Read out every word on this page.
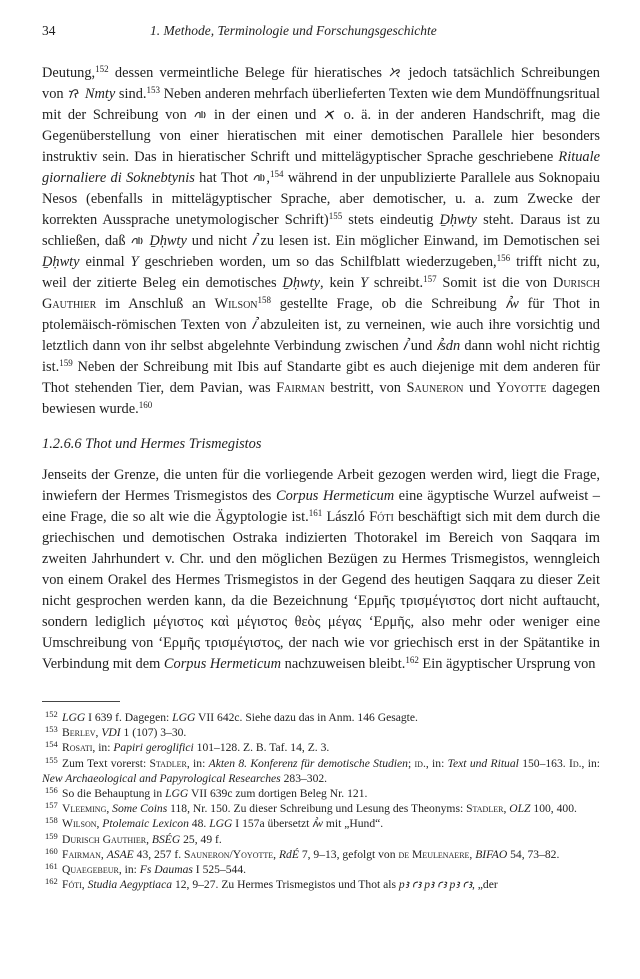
34	1. Methode, Terminologie und Forschungsgeschichte

Deutung,$^{152}$ dessen vermeintliche Belege für hieratisches
jedoch tatsächlich Schreibungen von
Nmty sind.$^{153}$ Neben anderen mehrfach überlieferten Texten wie dem Mundöffnungsritual mit der Schreibung von
in der einen und
o. ä. in der anderen Handschrift, mag die Gegenüberstellung von einer hieratischen mit einer demotischen Parallele hier besonders instruktiv sein. Das in hieratischer Schrift und mittelägyptischer Sprache geschriebene Rituale giornaliere di Soknebtynis hat Thot
,$^{154}$ während in der unpublizierte Parallele aus Soknopaiu Nesos (ebenfalls in mittelägyptischer Sprache, aber demotischer, u. a. zum Zwecke der korrekten Aussprache unetymologischer Schrift)$^{155}$ stets eindeutig Ḏḥwty steht. Daraus ist zu schließen, daß
Ḏḥwty und nicht ꞽ zu lesen ist. Ein möglicher Einwand, im Demotischen sei Ḏḥwty einmal Y geschrieben worden, um so das Schilfblatt wiederzugeben,$^{156}$ trifft nicht zu, weil der zitierte Beleg ein demotisches Ḏḥwty, kein Y schreibt.$^{157}$ Somit ist die von Durisch Gauthier im Anschluß an Wilson$^{158}$ gestellte Frage, ob die Schreibung ꞽw für Thot in ptolemäisch-römischen Texten von ꞽ abzuleiten ist, zu verneinen, wie auch ihre vorsichtig und letztlich dann von ihr selbst abgelehnte Verbindung zwischen ꞽ und ꞽsdn dann wohl nicht richtig ist.$^{159}$ Neben der Schreibung mit Ibis auf Standarte gibt es auch diejenige mit dem anderen für Thot stehenden Tier, dem Pavian, was Fairman bestritt, von Sauneron und Yoyotte dagegen bewiesen wurde.$^{160}$

1.2.6.6 Thot und Hermes Trismegistos

Jenseits der Grenze, die unten für die vorliegende Arbeit gezogen werden wird, liegt die Frage, inwiefern der Hermes Trismegistos des Corpus Hermeticum eine ägyptische Wurzel aufweist – eine Frage, die so alt wie die Ägyptologie ist.$^{161}$ László Fóti beschäftigt sich mit dem durch die griechischen und demotischen Ostraka indizierten Thotorakel im Bereich von Saqqara im zweiten Jahrhundert v. Chr. und den möglichen Bezügen zu Hermes Trismegistos, wenngleich von einem Orakel des Hermes Trismegistos in der Gegend des heutigen Saqqara zu dieser Zeit nicht gesprochen werden kann, da die Bezeichnung ‘Ερμῆς τρισμέγιστος dort nicht auftaucht, sondern lediglich μέγιστος καὶ μέγιστος θεὸς μέγας ‘Ερμῆς, also mehr oder weniger eine Umschreibung von ‘Ερμῆς τρισμέγιστος, der nach wie vor griechisch erst in der Spätantike in Verbindung mit dem Corpus Hermeticum nachzuweisen bleibt.$^{162}$ Ein ägyptischer Ursprung von

152 LGG I 639 f. Dagegen: LGG VII 642c. Siehe dazu das in Anm. 146 Gesagte.

153 Berlev, VDI 1 (107) 3–30.

154 Rosati, in: Papiri geroglifici 101–128. Z. B. Taf. 14, Z. 3.

155 Zum Text vorerst: Stadler, in: Akten 8. Konferenz für demotische Studien; id., in: Text und Ritual 150–163. Id., in: New Archaeological and Papyrological Researches 283–302.

156 So die Behauptung in LGG VII 639c zum dortigen Beleg Nr. 121.

157 Vleeming, Some Coins 118, Nr. 150. Zu dieser Schreibung und Lesung des Theonyms: Stadler, OLZ 100, 400.

158 Wilson, Ptolemaic Lexicon 48. LGG I 157a übersetzt ꞽw mit „Hund“.

159 Durisch Gauthier, BSÉG 25, 49 f.

160 Fairman, ASAE 43, 257 f. Sauneron/Yoyotte, RdÉ 7, 9–13, gefolgt von de Meulenaere, BIFAO 54, 73–82.

161 Quaegebeur, in: Fs Daumas I 525–544.

162 Fóti, Studia Aegyptiaca 12, 9–27. Zu Hermes Trismegistos und Thot als pꜣ ꜥꜣ pꜣ ꜥꜣ pꜣ ꜥꜣ, „der
